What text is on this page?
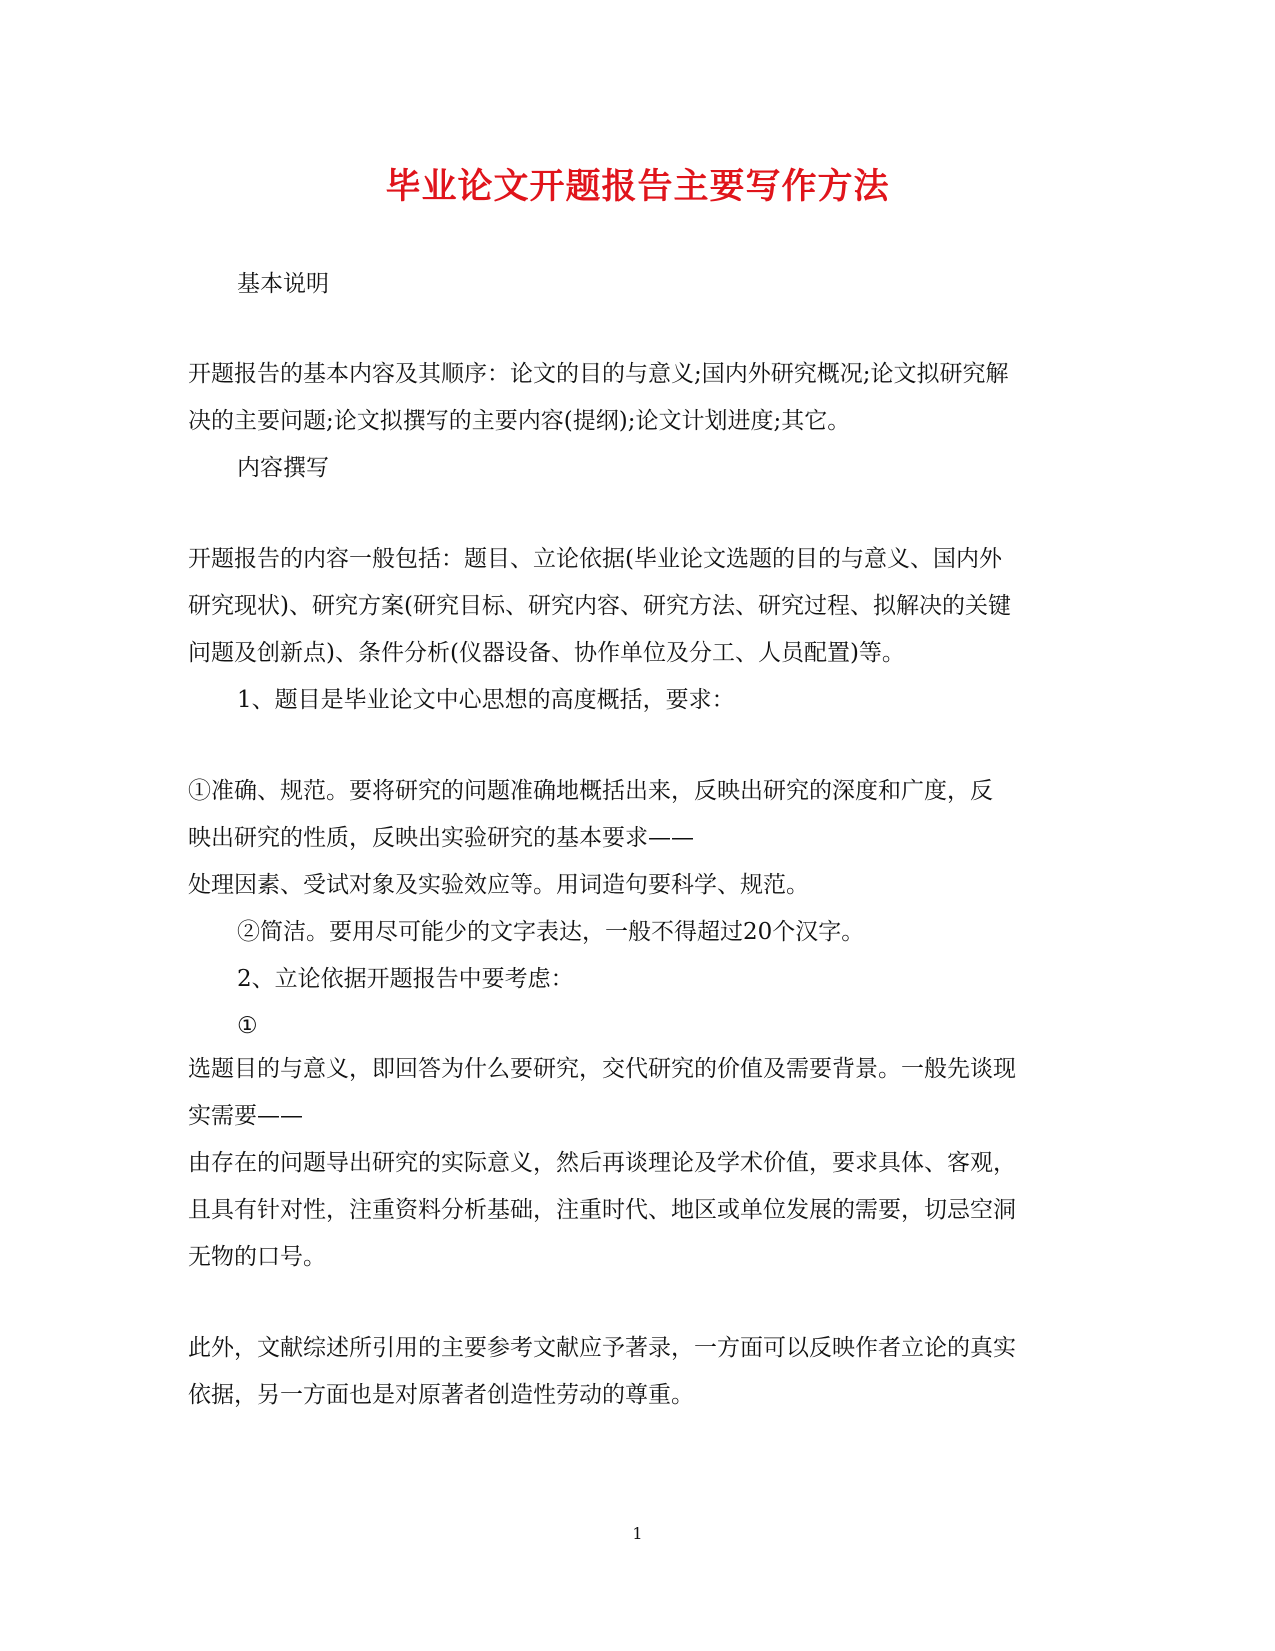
毕业论文开题报告主要写作方法
基本说明
开题报告的基本内容及其顺序：论文的目的与意义;国内外研究概况;论文拟研究解
决的主要问题;论文拟撰写的主要内容(提纲);论文计划进度;其它。
内容撰写
开题报告的内容一般包括：题目、立论依据(毕业论文选题的目的与意义、国内外
研究现状)、研究方案(研究目标、研究内容、研究方法、研究过程、拟解决的关键
问题及创新点)、条件分析(仪器设备、协作单位及分工、人员配置)等。
1、题目是毕业论文中心思想的高度概括，要求：
①准确、规范。要将研究的问题准确地概括出来，反映出研究的深度和广度，反
映出研究的性质，反映出实验研究的基本要求——
处理因素、受试对象及实验效应等。用词造句要科学、规范。
②简洁。要用尽可能少的文字表达，一般不得超过20个汉字。
2、立论依据开题报告中要考虑：
①
选题目的与意义，即回答为什么要研究，交代研究的价值及需要背景。一般先谈现
实需要——
由存在的问题导出研究的实际意义，然后再谈理论及学术价值，要求具体、客观，
且具有针对性，注重资料分析基础，注重时代、地区或单位发展的需要，切忌空洞
无物的口号。
此外，文献综述所引用的主要参考文献应予著录，一方面可以反映作者立论的真实
依据，另一方面也是对原著者创造性劳动的尊重。
1
